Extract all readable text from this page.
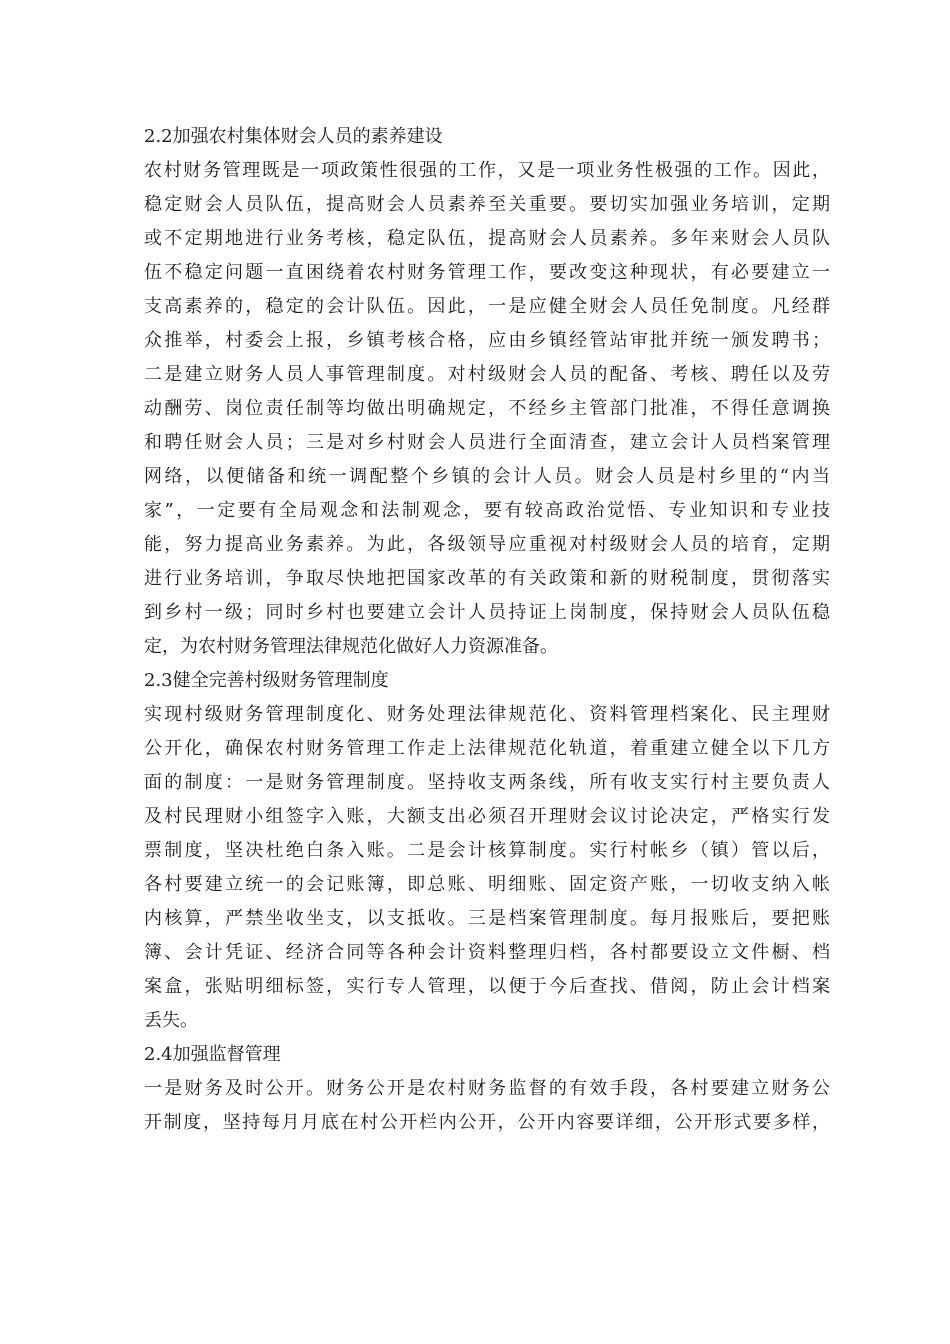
2.2加强农村集体财会人员的素养建设

农村财务管理既是一项政策性很强的工作，又是一项业务性极强的工作。因此，
稳定财会人员队伍，提高财会人员素养至关重要。要切实加强业务培训，定期
或不定期地进行业务考核，稳定队伍，提高财会人员素养。多年来财会人员队
伍不稳定问题一直困绕着农村财务管理工作，要改变这种现状，有必要建立一
支高素养的，稳定的会计队伍。因此，一是应健全财会人员任免制度。凡经群
众推举，村委会上报，乡镇考核合格，应由乡镇经管站审批并统一颁发聘书；
二是建立财务人员人事管理制度。对村级财会人员的配备、考核、聘任以及劳
动酬劳、岗位责任制等均做出明确规定，不经乡主管部门批准，不得任意调换
和聘任财会人员；三是对乡村财会人员进行全面清查，建立会计人员档案管理
网络，以便储备和统一调配整个乡镇的会计人员。财会人员是村乡里的“内当
家”，一定要有全局观念和法制观念，要有较高政治觉悟、专业知识和专业技
能，努力提高业务素养。为此，各级领导应重视对村级财会人员的培育，定期
进行业务培训，争取尽快地把国家改革的有关政策和新的财税制度，贯彻落实
到乡村一级；同时乡村也要建立会计人员持证上岗制度，保持财会人员队伍稳
定，为农村财务管理法律规范化做好人力资源准备。

2.3健全完善村级财务管理制度

实现村级财务管理制度化、财务处理法律规范化、资料管理档案化、民主理财
公开化，确保农村财务管理工作走上法律规范化轨道，着重建立健全以下几方
面的制度：一是财务管理制度。坚持收支两条线，所有收支实行村主要负责人
及村民理财小组签字入账，大额支出必须召开理财会议讨论决定，严格实行发
票制度，坚决杜绝白条入账。二是会计核算制度。实行村帐乡（镇）管以后，
各村要建立统一的会记账簿，即总账、明细账、固定资产账，一切收支纳入帐
内核算，严禁坐收坐支，以支抵收。三是档案管理制度。每月报账后，要把账
簿、会计凭证、经济合同等各种会计资料整理归档，各村都要设立文件橱、档
案盒，张贴明细标签，实行专人管理，以便于今后查找、借阅，防止会计档案
丢失。

2.4加强监督管理

一是财务及时公开。财务公开是农村财务监督的有效手段，各村要建立财务公
开制度，坚持每月月底在村公开栏内公开，公开内容要详细，公开形式要多样，
